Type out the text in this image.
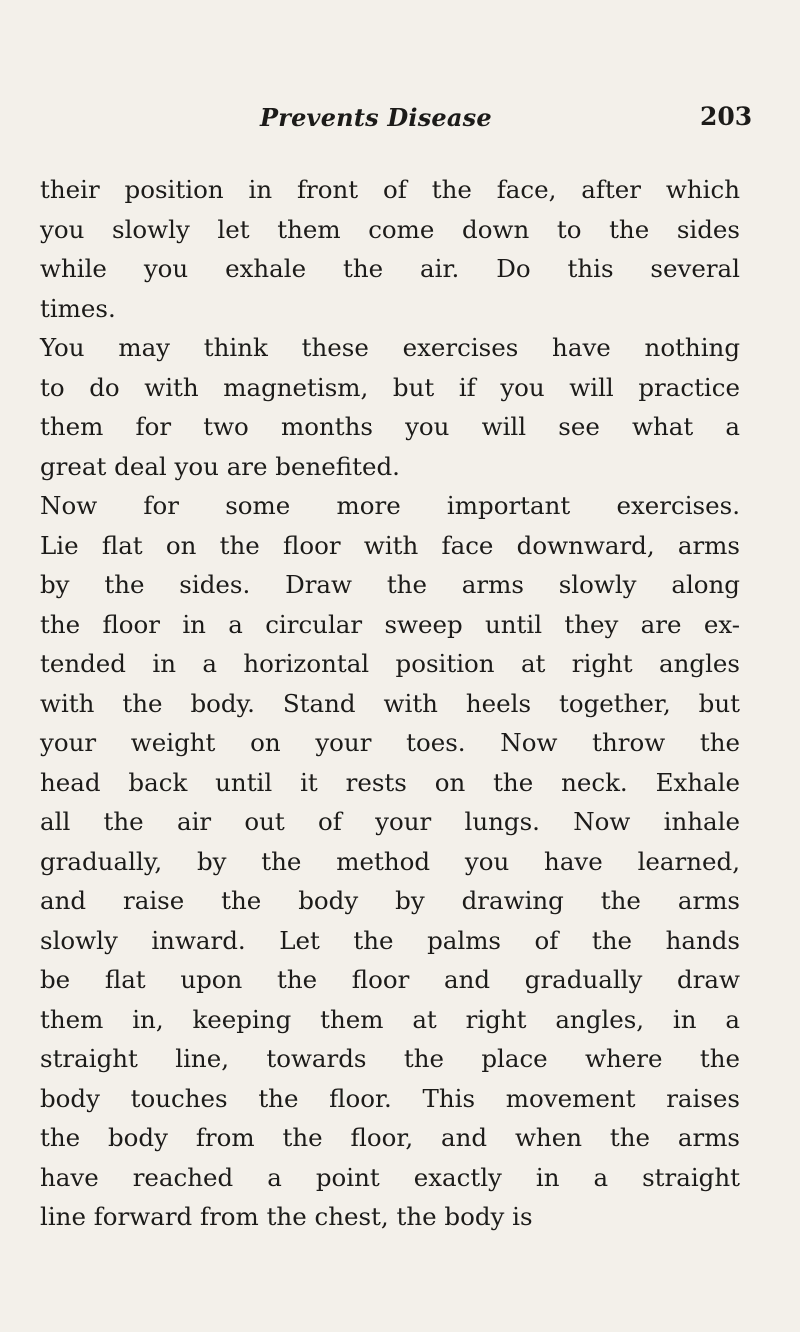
Prevents Disease	203
their position in front of the face, after which
you slowly let them come down to the sides
while you exhale the air. Do this several
times.
You may think these exercises have nothing
to do with magnetism, but if you will practice
them for two months you will see what a
great deal you are benefited.
Now for some more important exercises.
Lie flat on the floor with face downward, arms
by the sides. Draw the arms slowly along
the floor in a circular sweep until they are ex-
tended in a horizontal position at right angles
with the body. Stand with heels together, but
your weight on your toes. Now throw the
head back until it rests on the neck. Exhale
all the air out of your lungs. Now inhale
gradually, by the method you have learned,
and raise the body by drawing the arms
slowly inward. Let the palms of the hands
be flat upon the floor and gradually draw
them in, keeping them at right angles, in a
straight line, towards the place where the
body touches the floor. This movement raises
the body from the floor, and when the arms
have reached a point exactly in a straight
line forward from the chest, the body is
